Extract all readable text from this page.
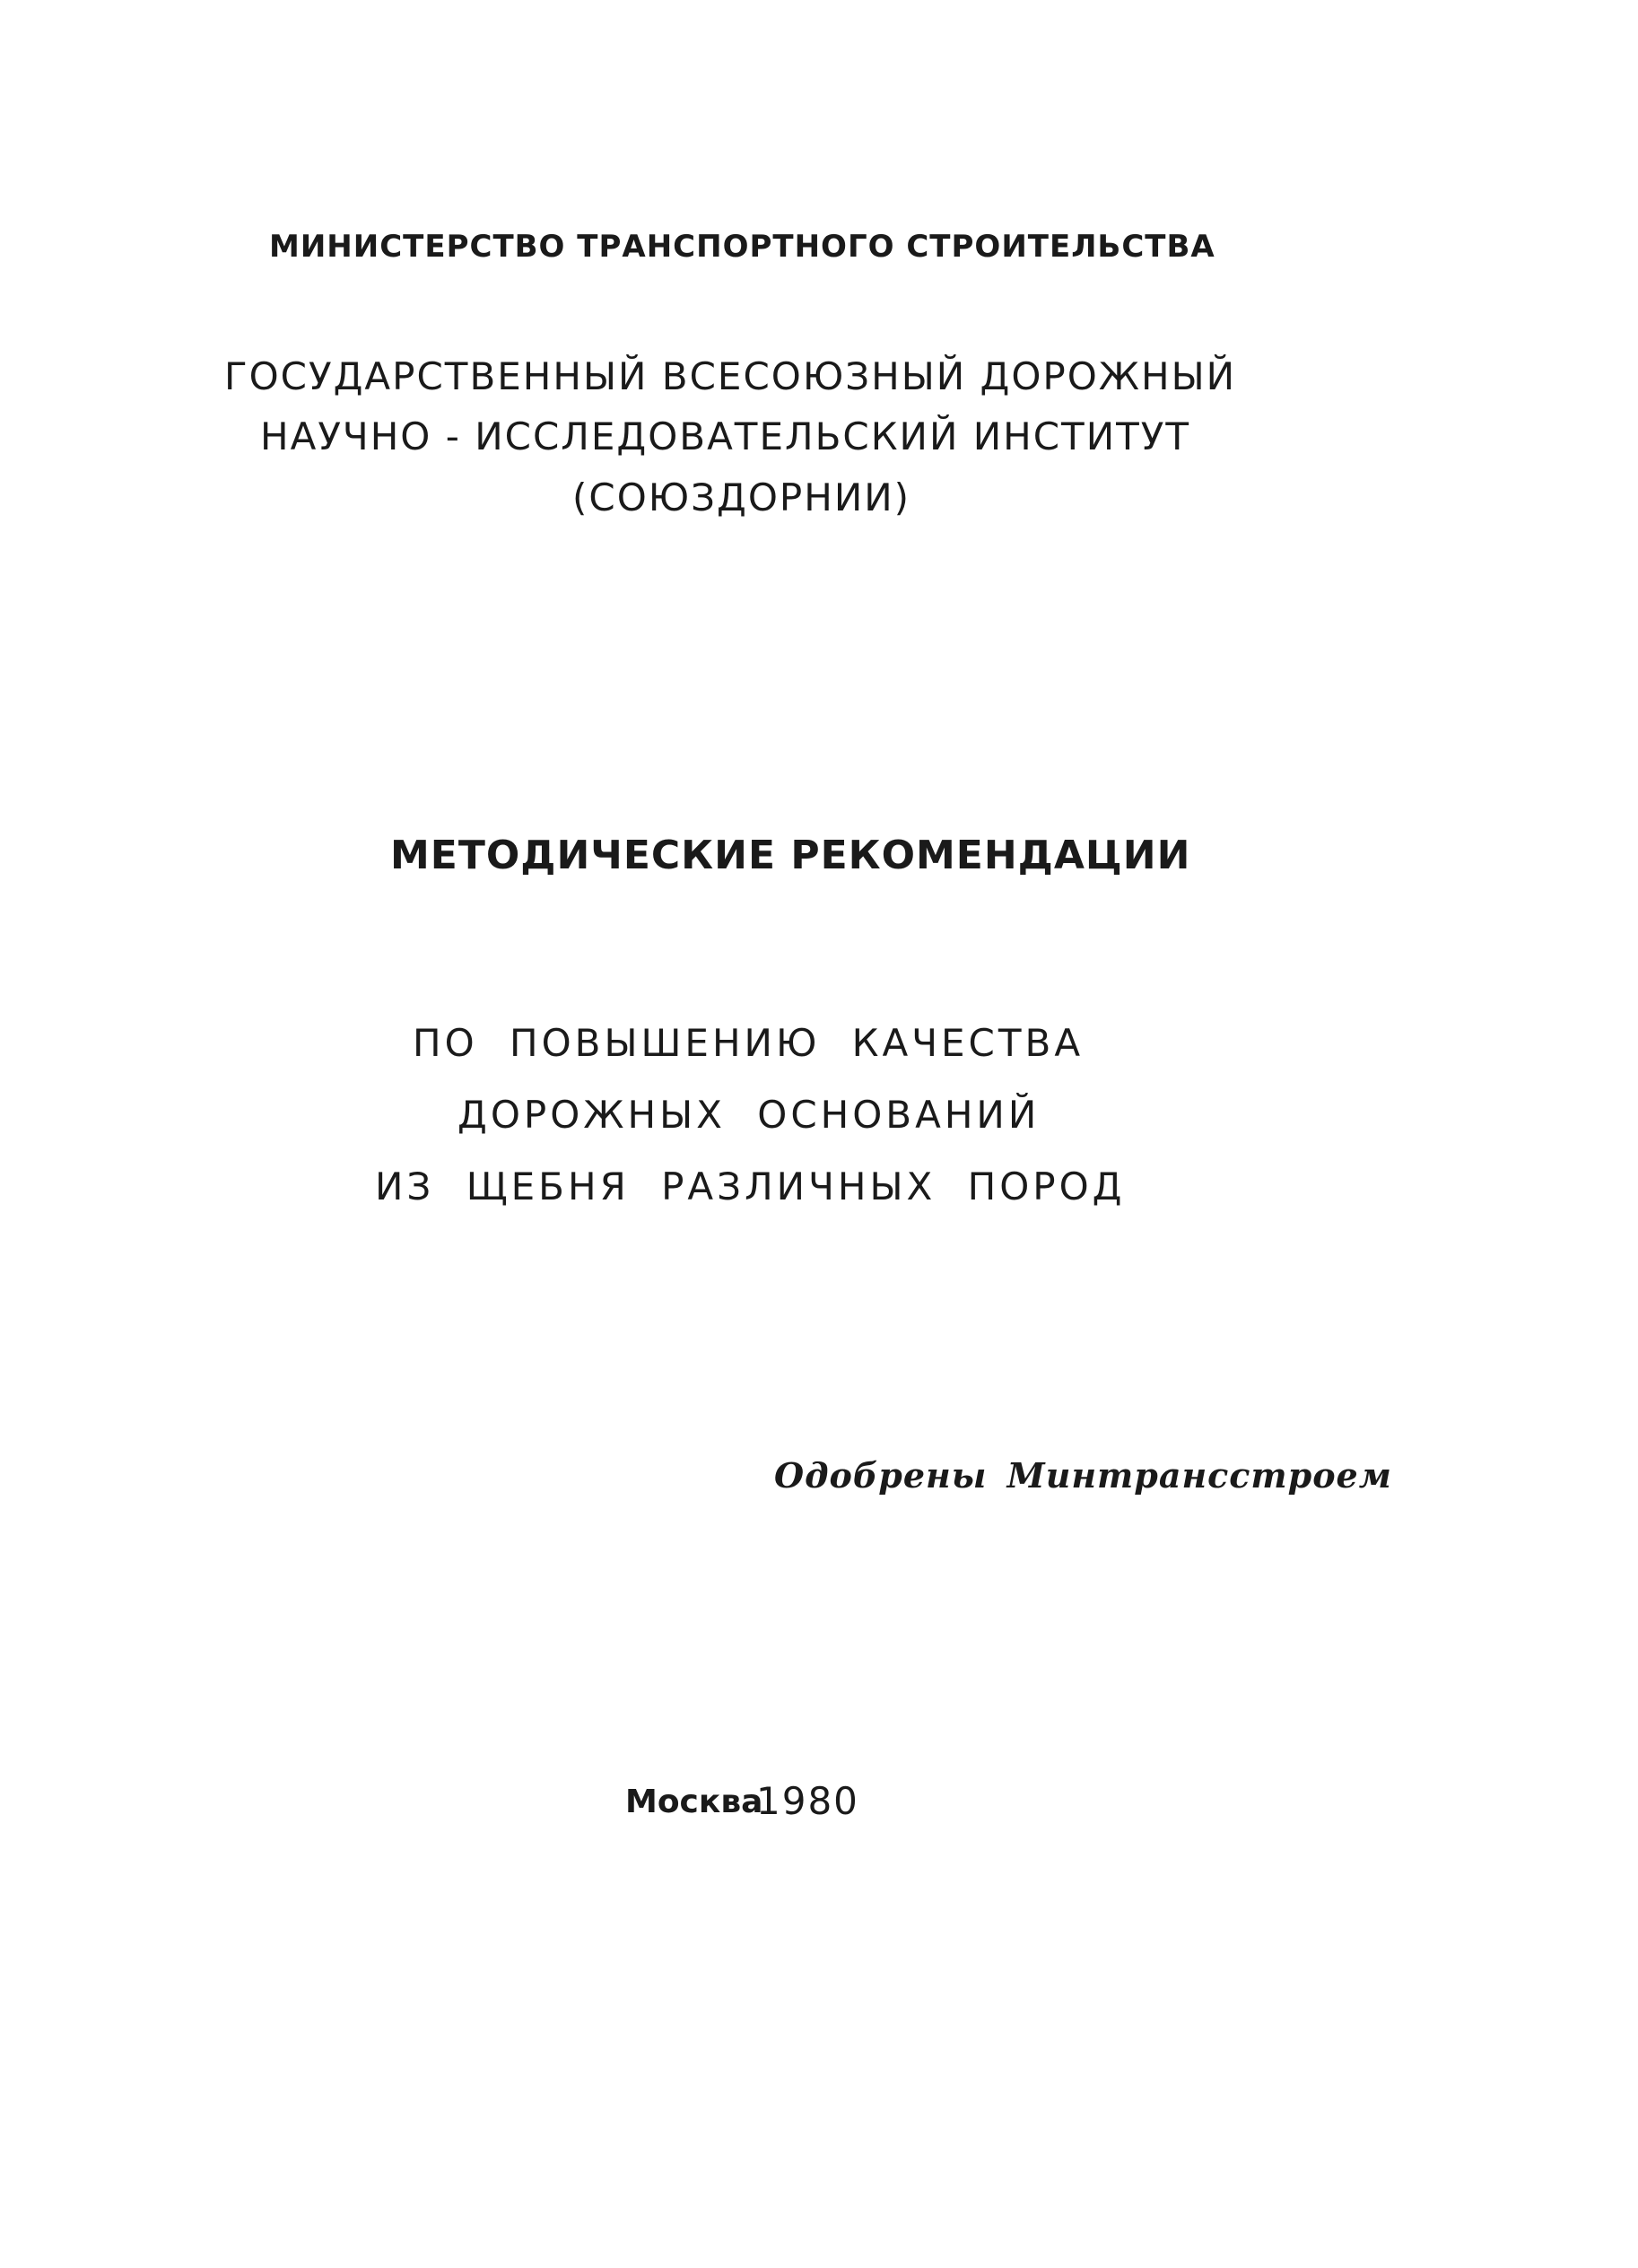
МИНИСТЕРСТВО ТРАНСПОРТНОГО СТРОИТЕЛЬСТВА

ГОСУДАРСТВЕННЫЙ ВСЕСОЮЗНЫЙ ДОРОЖНЫЙ

НАУЧНО - ИССЛЕДОВАТЕЛЬСКИЙ ИНСТИТУТ

(СОЮЗДОРНИИ)

МЕТОДИЧЕСКИЕ РЕКОМЕНДАЦИИ

ПО ПОВЫШЕНИЮ КАЧЕСТВА

ДОРОЖНЫХ ОСНОВАНИЙ

ИЗ ЩЕБНЯ РАЗЛИЧНЫХ ПОРОД

Одобрены Минтрансстроем

Москва

1980
